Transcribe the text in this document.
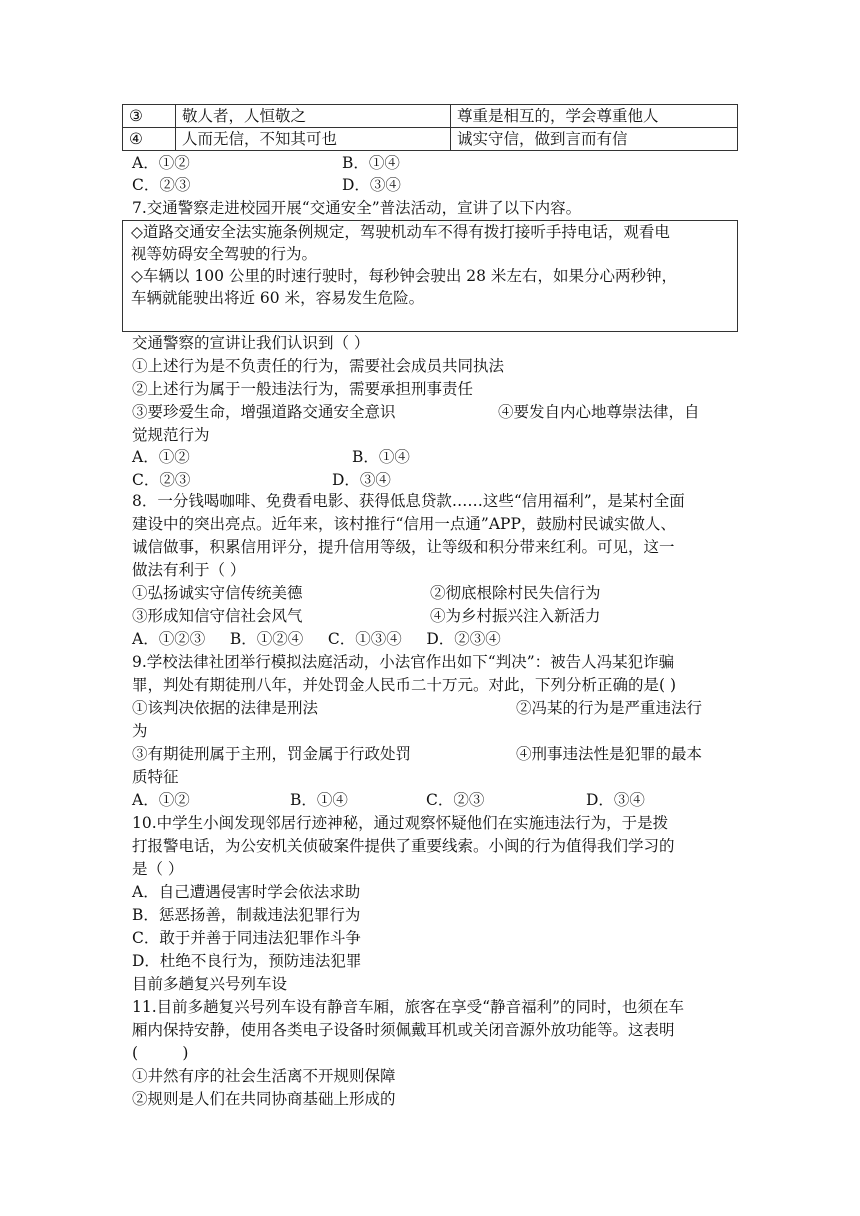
③	敬人者，人恒敬之	尊重是相互的，学会尊重他人
④	人而无信，不知其可也	诚实守信，做到言而有信
A．①②	B．①④
C．②③	D．③④
7.交通警察走进校园开展“交通安全”普法活动，宣讲了以下内容。
◇道路交通安全法实施条例规定，驾驶机动车不得有拨打接听手持电话，观看电
视等妨碍安全驾驶的行为。
◇车辆以 100 公里的时速行驶时，每秒钟会驶出 28 米左右，如果分心两秒钟，
车辆就能驶出将近 60 米，容易发生危险。
交通警察的宣讲让我们认识到（ ）
①上述行为是不负责任的行为，需要社会成员共同执法
②上述行为属于一般违法行为，需要承担刑事责任
③要珍爱生命，增强道路交通安全意识	④要发自内心地尊崇法律，自
觉规范行为
A．①②	B．①④
C．②③	D．③④
8．一分钱喝咖啡、免费看电影、获得低息贷款……这些“信用福利”，是某村全面
建设中的突出亮点。近年来，该村推行“信用一点通”APP，鼓励村民诚实做人、
诚信做事，积累信用评分，提升信用等级，让等级和积分带来红利。可见，这一
做法有利于（ ）
①弘扬诚实守信传统美德	②彻底根除村民失信行为
③形成知信守信社会风气	④为乡村振兴注入新活力
A．①②③     B．①②④     C．①③④     D．②③④
9.学校法律社团举行模拟法庭活动，小法官作出如下“判决”：被告人冯某犯诈骗
罪，判处有期徒刑八年，并处罚金人民币二十万元。对此，下列分析正确的是( )
①该判决依据的法律是刑法	②冯某的行为是严重违法行
为
③有期徒刑属于主刑，罚金属于行政处罚	④刑事违法性是犯罪的最本
质特征
A．①②	B．①④	C．②③	D．③④
10.中学生小闽发现邻居行迹神秘，通过观察怀疑他们在实施违法行为，于是拨
打报警电话，为公安机关侦破案件提供了重要线索。小闽的行为值得我们学习的
是（ ）
A．自己遭遇侵害时学会依法求助
B．惩恶扬善，制裁违法犯罪行为
C．敢于并善于同违法犯罪作斗争
D．杜绝不良行为，预防违法犯罪
目前多趟复兴号列车设
11.目前多趟复兴号列车设有静音车厢，旅客在享受“静音福利”的同时，也须在车
厢内保持安静，使用各类电子设备时须佩戴耳机或关闭音源外放功能等。这表明
(         )
①井然有序的社会生活离不开规则保障
②规则是人们在共同协商基础上形成的
